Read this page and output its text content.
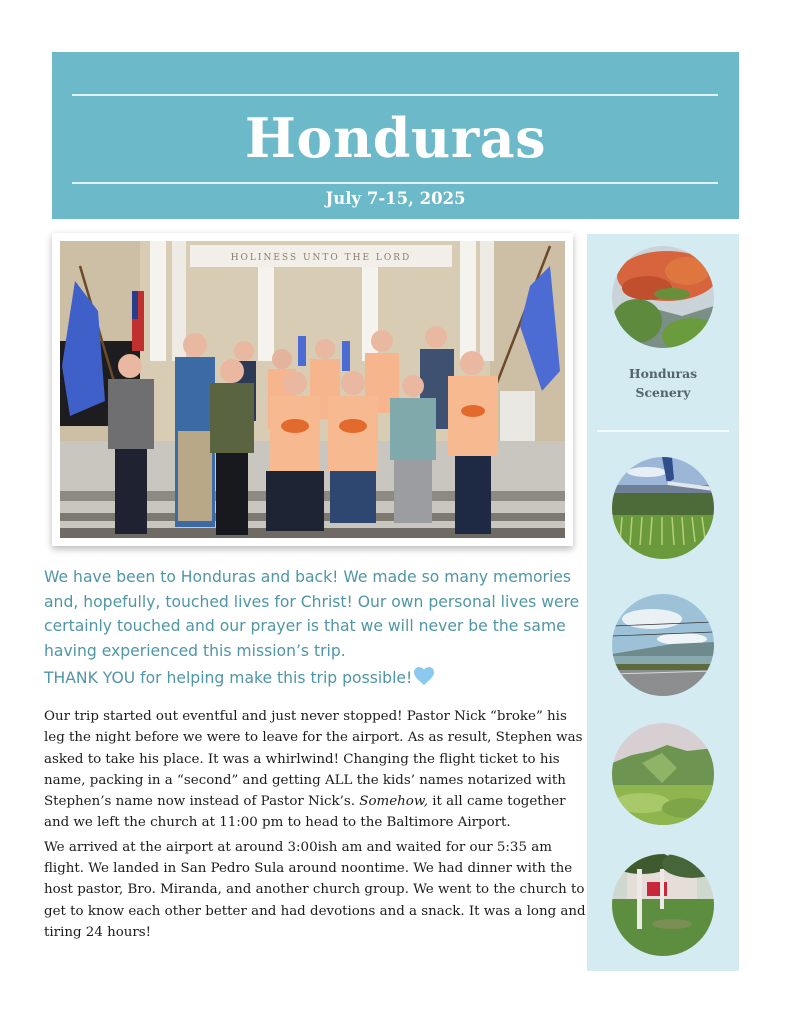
Honduras
July 7-15, 2025
HOLINESS UNTO THE LORD

We have been to Honduras and back! We made so many memories and, hopefully, touched lives for Christ! Our own personal lives were certainly touched and our prayer is that we will never be the same having experienced this mission’s trip.

THANK YOU for helping make this trip possible!

Our trip started out eventful and just never stopped! Pastor Nick “broke” his leg the night before we were to leave for the airport. As as result, Stephen was asked to take his place. It was a whirlwind! Changing the flight ticket to his name, packing in a “second” and getting ALL the kids’ names notarized with Stephen’s name now instead of Pastor Nick’s. Somehow, it all came together and we left the church at 11:00 pm to head to the Baltimore Airport.

We arrived at the airport at around 3:00ish am and waited for our 5:35 am flight. We landed in San Pedro Sula around noontime. We had dinner with the host pastor, Bro. Miranda, and another church group. We went to the church to get to know each other better and had devotions and a snack. It was a long and tiring 24 hours!

Honduras
Scenery
